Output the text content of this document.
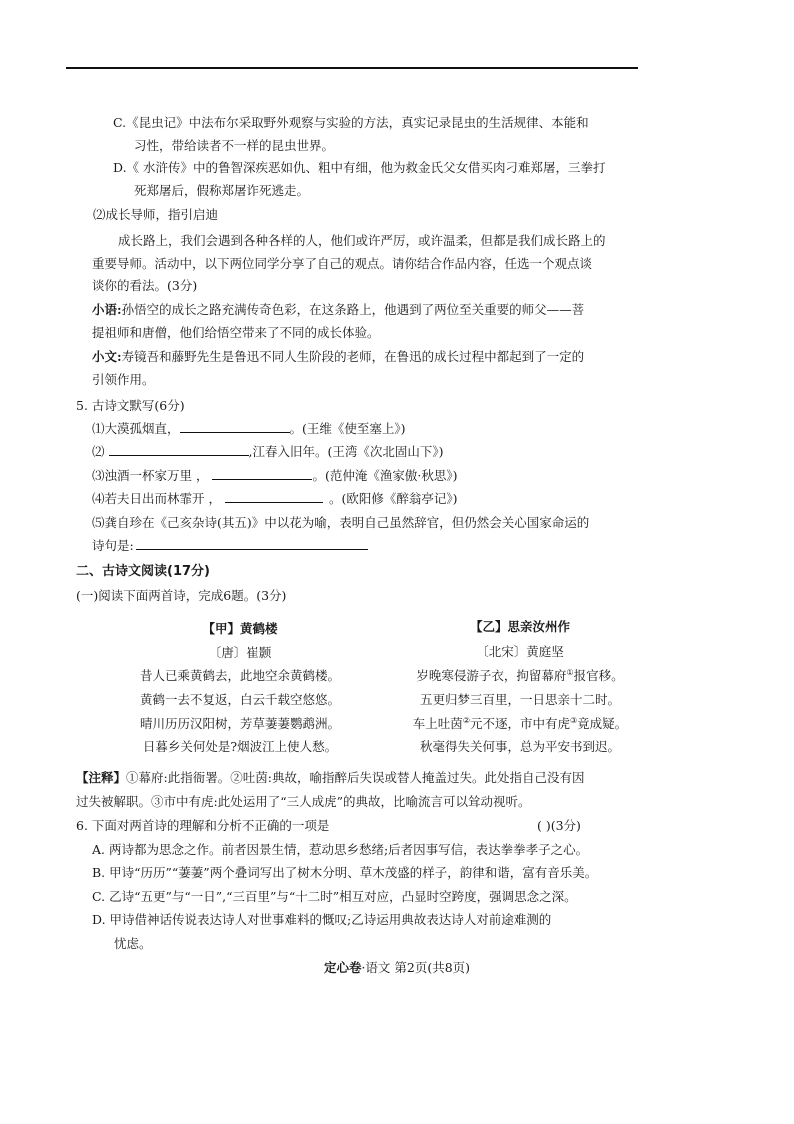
C.《昆虫记》中法布尔采取野外观察与实验的方法，真实记录昆虫的生活规律、本能和
习性，带给读者不一样的昆虫世界。
D.《 水浒传》中的鲁智深疾恶如仇、粗中有细，他为救金氏父女借买肉刁难郑屠，三拳打
死郑屠后，假称郑屠诈死逃走。
⑵成长导师，指引启迪
成长路上，我们会遇到各种各样的人，他们或许严厉，或许温柔，但都是我们成长路上的
重要导师。活动中，以下两位同学分享了自己的观点。请你结合作品内容，任选一个观点谈
谈你的看法。(3分)
小语:孙悟空的成长之路充满传奇色彩，在这条路上，他遇到了两位至关重要的师父——菩
提祖师和唐僧，他们给悟空带来了不同的成长体验。
小文:寿镜吾和藤野先生是鲁迅不同人生阶段的老师，在鲁迅的成长过程中都起到了一定的
引领作用。
5. 古诗文默写(6分)
⑴大漠孤烟直，	。(王维《使至塞上》)
⑵	,江春入旧年。(王湾《次北固山下》)
⑶浊酒一杯家万里 ，	。(范仲淹《渔家傲·秋思》)
⑷若夫日出而林霏开 ，	。(欧阳修《醉翁亭记》)
⑸龚自珍在《己亥杂诗(其五)》中以花为喻，表明自己虽然辞官，但仍然会关心国家命运的
诗句是:
二、古诗文阅读(17分)
(一)阅读下面两首诗，完成6题。(3分)
【甲】黄鹤楼
〔唐〕崔颢
昔人已乘黄鹤去，此地空余黄鹤楼。
黄鹤一去不复返，白云千载空悠悠。
晴川历历汉阳树，芳草萋萋鹦鹉洲。
日暮乡关何处是?烟波江上使人愁。
【乙】思亲汝州作
〔北宋〕黄庭坚
岁晚寒侵游子衣，拘留幕府①报官移。
五更归梦三百里，一日思亲十二时。
车上吐茵②元不逐，市中有虎③竟成疑。
秋毫得失关何事，总为平安书到迟。
【注释】①幕府:此指衙署。②吐茵:典故，喻指醉后失误或替人掩盖过失。此处指自己没有因
过失被解职。③市中有虎:此处运用了“三人成虎”的典故，比喻流言可以耸动视听。
6. 下面对两首诗的理解和分析不正确的一项是	( )(3分)
A. 两诗都为思念之作。前者因景生情，惹动思乡愁绪;后者因事写信，表达拳拳孝子之心。
B. 甲诗“历历”“萋萋”两个叠词写出了树木分明、草木茂盛的样子，韵律和谐，富有音乐美。
C. 乙诗“五更”与“一日”,“三百里”与“十二时”相互对应，凸显时空跨度，强调思念之深。
D. 甲诗借神话传说表达诗人对世事难料的慨叹;乙诗运用典故表达诗人对前途难测的
忧虑。
定心卷·语文 第2页(共8页)
